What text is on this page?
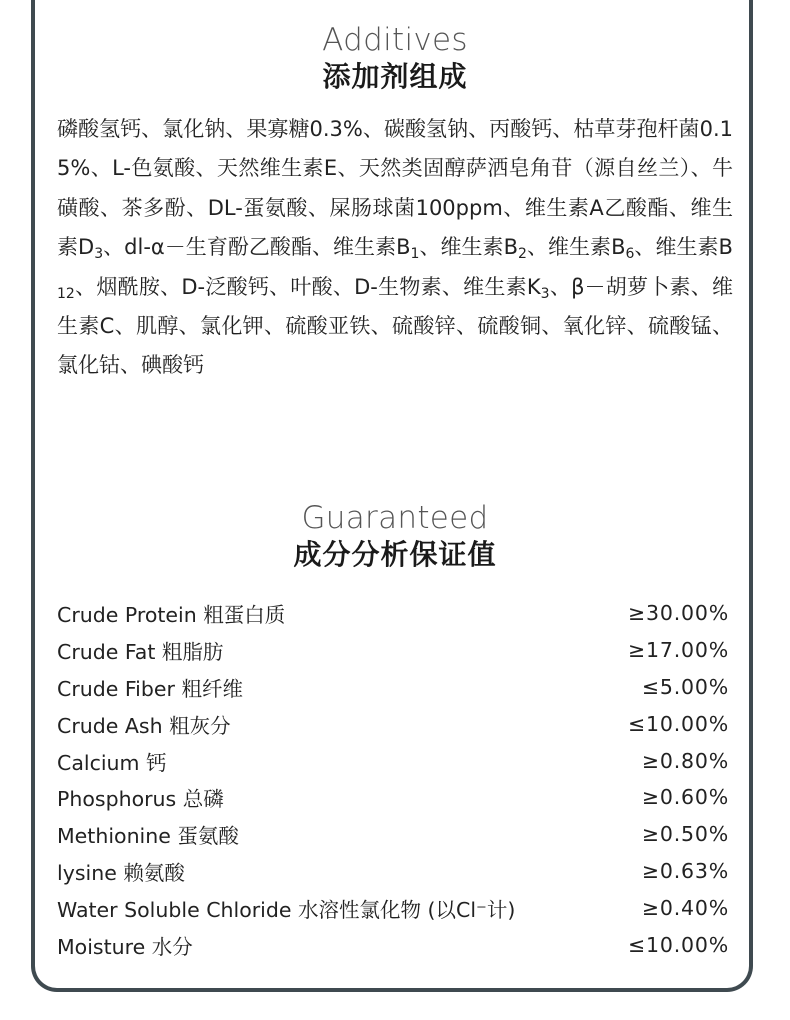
Additives
添加剂组成
磷酸氢钙、氯化钠、果寡糖0.3%、碳酸氢钠、丙酸钙、枯草芽孢杆菌0.15%、L-色氨酸、天然维生素E、天然类固醇萨洒皂角苷（源自丝兰）、牛磺酸、茶多酚、DL-蛋氨酸、屎肠球菌100ppm、维生素A乙酸酯、维生素$D_3$、dl-α－生育酚乙酸酯、维生素$B_1$、维生素$B_2$、维生素$B_6$、维生素$B_{12}$、烟酰胺、D-泛酸钙、叶酸、D-生物素、维生素$K_3$、β－胡萝卜素、维生素C、肌醇、氯化钾、硫酸亚铁、硫酸锌、硫酸铜、氧化锌、硫酸锰、氯化钴、碘酸钙
Guaranteed
成分分析保证值
Crude Protein 粗蛋白质	≥30.00%
Crude Fat 粗脂肪	≥17.00%
Crude Fiber 粗纤维	≤5.00%
Crude Ash 粗灰分	≤10.00%
Calcium 钙	≥0.80%
Phosphorus 总磷	≥0.60%
Methionine 蛋氨酸	≥0.50%
lysine 赖氨酸	≥0.63%
Water Soluble Chloride 水溶性氯化物 (以Cl⁻计)	≥0.40%
Moisture 水分	≤10.00%
